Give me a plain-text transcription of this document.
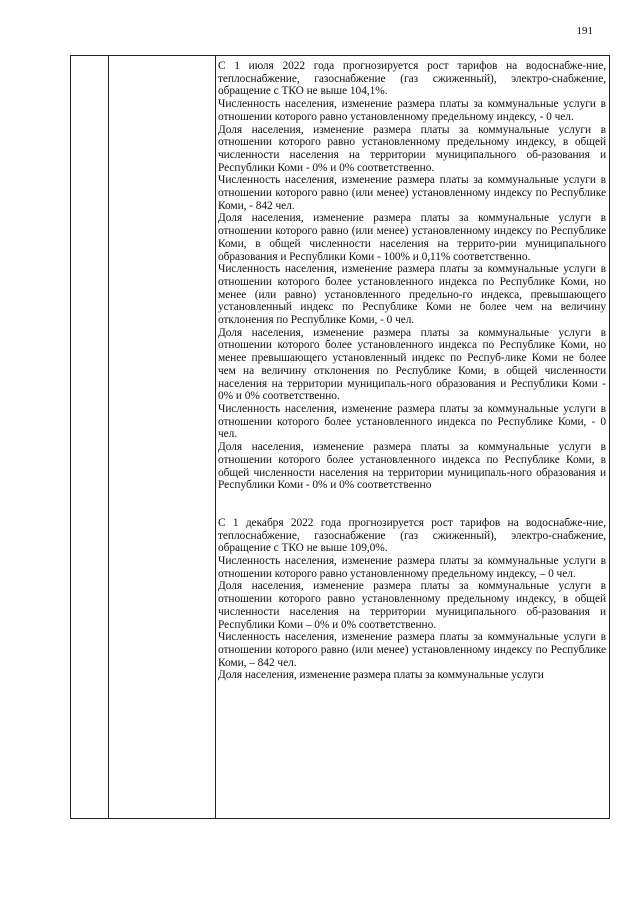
191

С 1 июля 2022 года прогнозируется рост тарифов на водоснабже-ние, теплоснабжение, газоснабжение (газ сжиженный), электро-снабжение, обращение с ТКО не выше 104,1%.

Численность населения, изменение размера платы за коммунальные услуги в отношении которого равно установленному предельному индексу, - 0 чел.

Доля населения, изменение размера платы за коммунальные услуги в отношении которого равно установленному предельному индексу, в общей численности населения на территории муниципального об-разования и Республики Коми - 0% и 0% соответственно.

Численность населения, изменение размера платы за коммунальные услуги в отношении которого равно (или менее) установленному индексу по Республике Коми, - 842 чел.

Доля населения, изменение размера платы за коммунальные услуги в отношении которого равно (или менее) установленному индексу по Республике Коми, в общей численности населения на террито-рии муниципального образования и Республики Коми - 100% и 0,11% соответственно.

Численность населения, изменение размера платы за коммунальные услуги в отношении которого более установленного индекса по Республике Коми, но менее (или равно) установленного предельно-го индекса, превышающего установленный индекс по Республике Коми не более чем на величину отклонения по Республике Коми, - 0 чел.

Доля населения, изменение размера платы за коммунальные услуги в отношении которого более установленного индекса по Республике Коми, но менее превышающего установленный индекс по Респуб-лике Коми не более чем на величину отклонения по Республике Коми, в общей численности населения на территории муниципаль-ного образования и Республики Коми - 0% и 0% соответственно.

Численность населения, изменение размера платы за коммунальные услуги в отношении которого более установленного индекса по Республике Коми, - 0 чел.

Доля населения, изменение размера платы за коммунальные услуги в отношении которого более установленного индекса по Республике Коми, в общей численности населения на территории муниципаль-ного образования и Республики Коми - 0% и 0% соответственно

С 1 декабря 2022 года прогнозируется рост тарифов на водоснабже-ние, теплоснабжение, газоснабжение (газ сжиженный), электро-снабжение, обращение с ТКО не выше 109,0%.

Численность населения, изменение размера платы за коммунальные услуги в отношении которого равно установленному предельному индексу, – 0 чел.

Доля населения, изменение размера платы за коммунальные услуги в отношении которого равно установленному предельному индексу, в общей численности населения на территории муниципального об-разования и Республики Коми – 0% и 0% соответственно.

Численность населения, изменение размера платы за коммунальные услуги в отношении которого равно (или менее) установленному индексу по Республике Коми, – 842 чел.

Доля населения, изменение размера платы за коммунальные услуги
